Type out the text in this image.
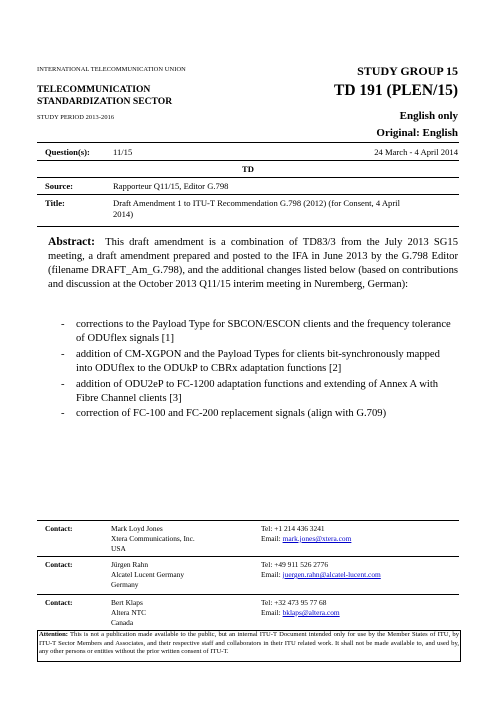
INTERNATIONAL TELECOMMUNICATION UNION
TELECOMMUNICATION
STANDARDIZATION SECTOR
STUDY PERIOD 2013-2016
STUDY GROUP 15
TD 191 (PLEN/15)
English only
Original: English
Question(s):	11/15	24 March - 4 April 2014
TD
Source:	Rapporteur Q11/15, Editor G.798
Title:	Draft Amendment 1 to ITU-T Recommendation G.798 (2012) (for Consent, 4 April
2014)
Abstract: This draft amendment is a combination of TD83/3 from the July 2013 SG15 meeting, a draft amendment prepared and posted to the IFA in June 2013 by the G.798 Editor (filename DRAFT_Am_G.798), and the additional changes listed below (based on contributions and discussion at the October 2013 Q11/15 interim meeting in Nuremberg, German):
- corrections to the Payload Type for SBCON/ESCON clients and the frequency tolerance of ODUflex signals [1]
- addition of CM-XGPON and the Payload Types for clients bit-synchronously mapped into ODUflex to the ODUkP to CBRx adaptation functions [2]
- addition of ODU2eP to FC-1200 adaptation functions and extending of Annex A with Fibre Channel clients [3]
- correction of FC-100 and FC-200 replacement signals (align with G.709)
Contact:	Mark Loyd Jones
Xtera Communications, Inc.
USA
Tel: +1 214 436 3241
Email: mark.jones@xtera.com
Contact:	Jürgen Rahn
Alcatel Lucent Germany
Germany
Tel: +49 911 526 2776
Email: juergen.rahn@alcatel-lucent.com
Contact:	Bert Klaps
Altera NTC
Canada
Tel: +32 473 95 77 68
Email: bklaps@altera.com
Attention: This is not a publication made available to the public, but an internal ITU-T Document intended only for use by the Member States of ITU, by ITU-T Sector Members and Associates, and their respective staff and collaborators in their ITU related work. It shall not be made available to, and used by, any other persons or entities without the prior written consent of ITU-T.
